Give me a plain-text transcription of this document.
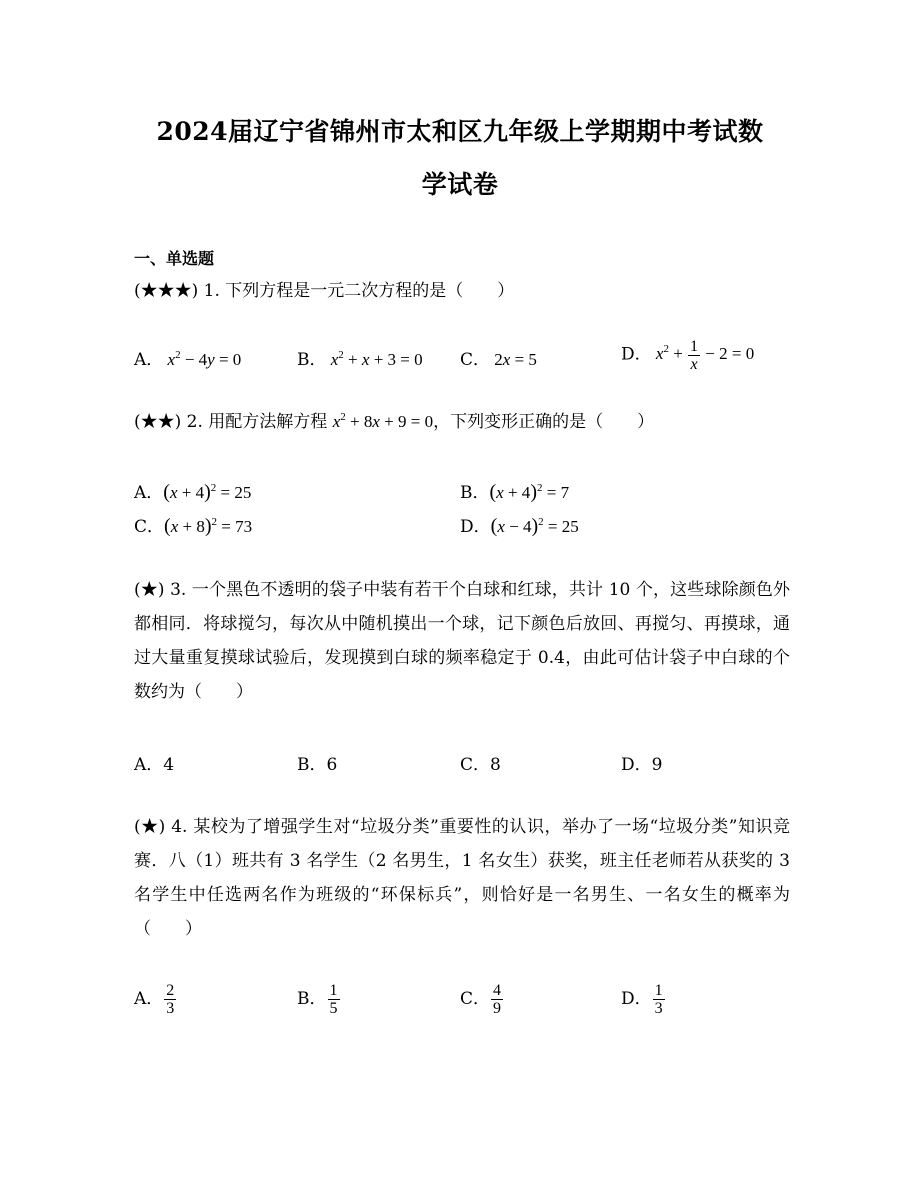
2024届辽宁省锦州市太和区九年级上学期期中考试数
学试卷
一、单选题
(★★★) 1. 下列方程是一元二次方程的是（　　）
A． $x^2 - 4y = 0$	B． $x^2 + x + 3 = 0$ C． 2x = 5	D． $x^2 + \frac{1}{x} - 2 = 0$
(★★) 2. 用配方法解方程 $x^2 + 8x + 9 = 0$，下列变形正确的是（　　）
A．$(x + 4)^2 = 25$	B．$(x + 4)^2 = 7$
C．$(x + 8)^2 = 73$	D．$(x - 4)^2 = 25$
(★) 3. 一个黑色不透明的袋子中装有若干个白球和红球，共计 10 个，这些球除颜色外都相同．将球搅匀，每次从中随机摸出一个球，记下颜色后放回、再搅匀、再摸球，通过大量重复摸球试验后，发现摸到白球的频率稳定于 0.4，由此可估计袋子中白球的个数约为（　　）
A．4	B．6	C．8	D．9
(★) 4. 某校为了增强学生对“垃圾分类”重要性的认识，举办了一场“垃圾分类”知识竞赛．八（1）班共有 3 名学生（2 名男生，1 名女生）获奖，班主任老师若从获奖的 3 名学生中任选两名作为班级的“环保标兵”，则恰好是一名男生、一名女生的概率为（　　）
A． $\frac{2}{3}$	B． $\frac{1}{5}$	C． $\frac{4}{9}$	D． $\frac{1}{3}$
